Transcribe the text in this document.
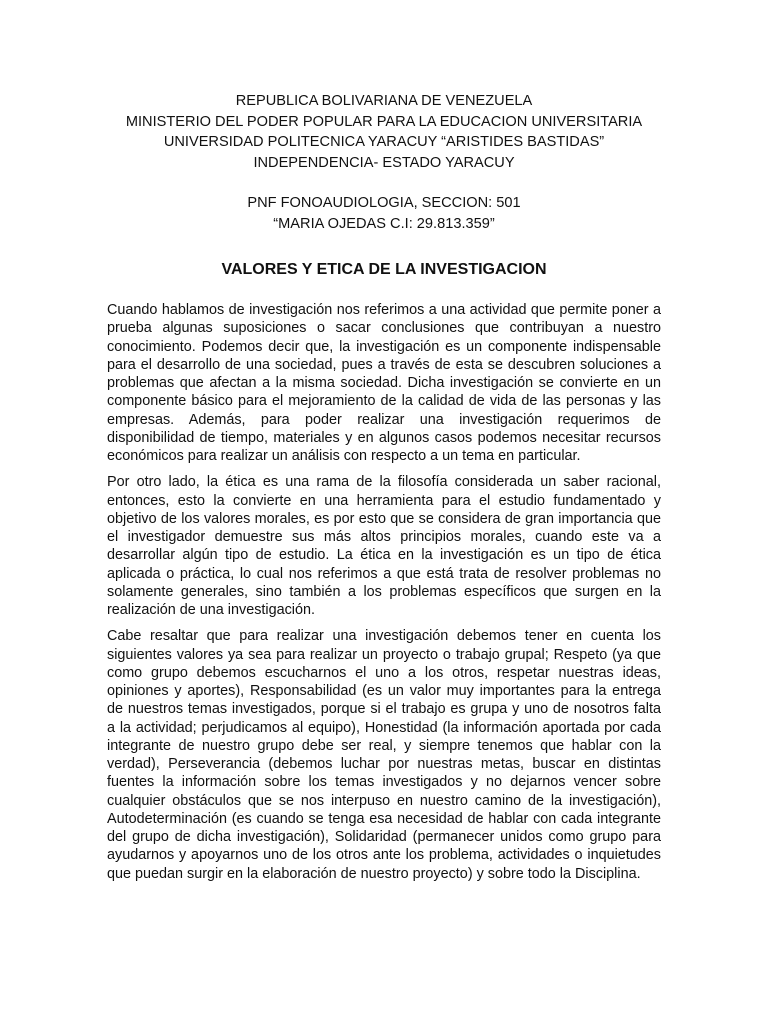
REPUBLICA BOLIVARIANA DE VENEZUELA
MINISTERIO DEL PODER POPULAR PARA LA EDUCACION UNIVERSITARIA
UNIVERSIDAD POLITECNICA YARACUY “ARISTIDES BASTIDAS”
INDEPENDENCIA- ESTADO YARACUY
PNF FONOAUDIOLOGIA, SECCION: 501
“MARIA OJEDAS C.I: 29.813.359”
VALORES Y ETICA DE LA INVESTIGACION

Cuando hablamos de investigación nos referimos a una actividad que permite poner a prueba algunas suposiciones o sacar conclusiones que contribuyan a nuestro conocimiento. Podemos decir que, la investigación es un componente indispensable para el desarrollo de una sociedad, pues a través de esta se descubren soluciones a problemas que afectan a la misma sociedad. Dicha investigación se convierte en un componente básico para el mejoramiento de la calidad de vida de las personas y las empresas. Además, para poder realizar una investigación requerimos de disponibilidad de tiempo, materiales y en algunos casos podemos necesitar recursos económicos para realizar un análisis con respecto a un tema en particular.

Por otro lado, la ética es una rama de la filosofía considerada un saber racional, entonces, esto la convierte en una herramienta para el estudio fundamentado y objetivo de los valores morales, es por esto que se considera de gran importancia que el investigador demuestre sus más altos principios morales, cuando este va a desarrollar algún tipo de estudio. La ética en la investigación es un tipo de ética aplicada o práctica, lo cual nos referimos a que está trata de resolver problemas no solamente generales, sino también a los problemas específicos que surgen en la realización de una investigación.

Cabe resaltar que para realizar una investigación debemos tener en cuenta los siguientes valores ya sea para realizar un proyecto o trabajo grupal; Respeto (ya que como grupo debemos escucharnos el uno a los otros, respetar nuestras ideas, opiniones y aportes), Responsabilidad (es un valor muy importantes para la entrega de nuestros temas investigados, porque si el trabajo es grupa y uno de nosotros falta a la actividad; perjudicamos al equipo), Honestidad (la información aportada por cada integrante de nuestro grupo debe ser real, y siempre tenemos que hablar con la verdad), Perseverancia (debemos luchar por nuestras metas, buscar en distintas fuentes la información sobre los temas investigados y no dejarnos vencer sobre cualquier obstáculos que se nos interpuso en nuestro camino de la investigación), Autodeterminación (es cuando se tenga esa necesidad de hablar con cada integrante del grupo de dicha investigación), Solidaridad (permanecer unidos como grupo para ayudarnos y apoyarnos uno de los otros ante los problema, actividades o inquietudes que puedan surgir en la elaboración de nuestro proyecto) y sobre todo la Disciplina.
